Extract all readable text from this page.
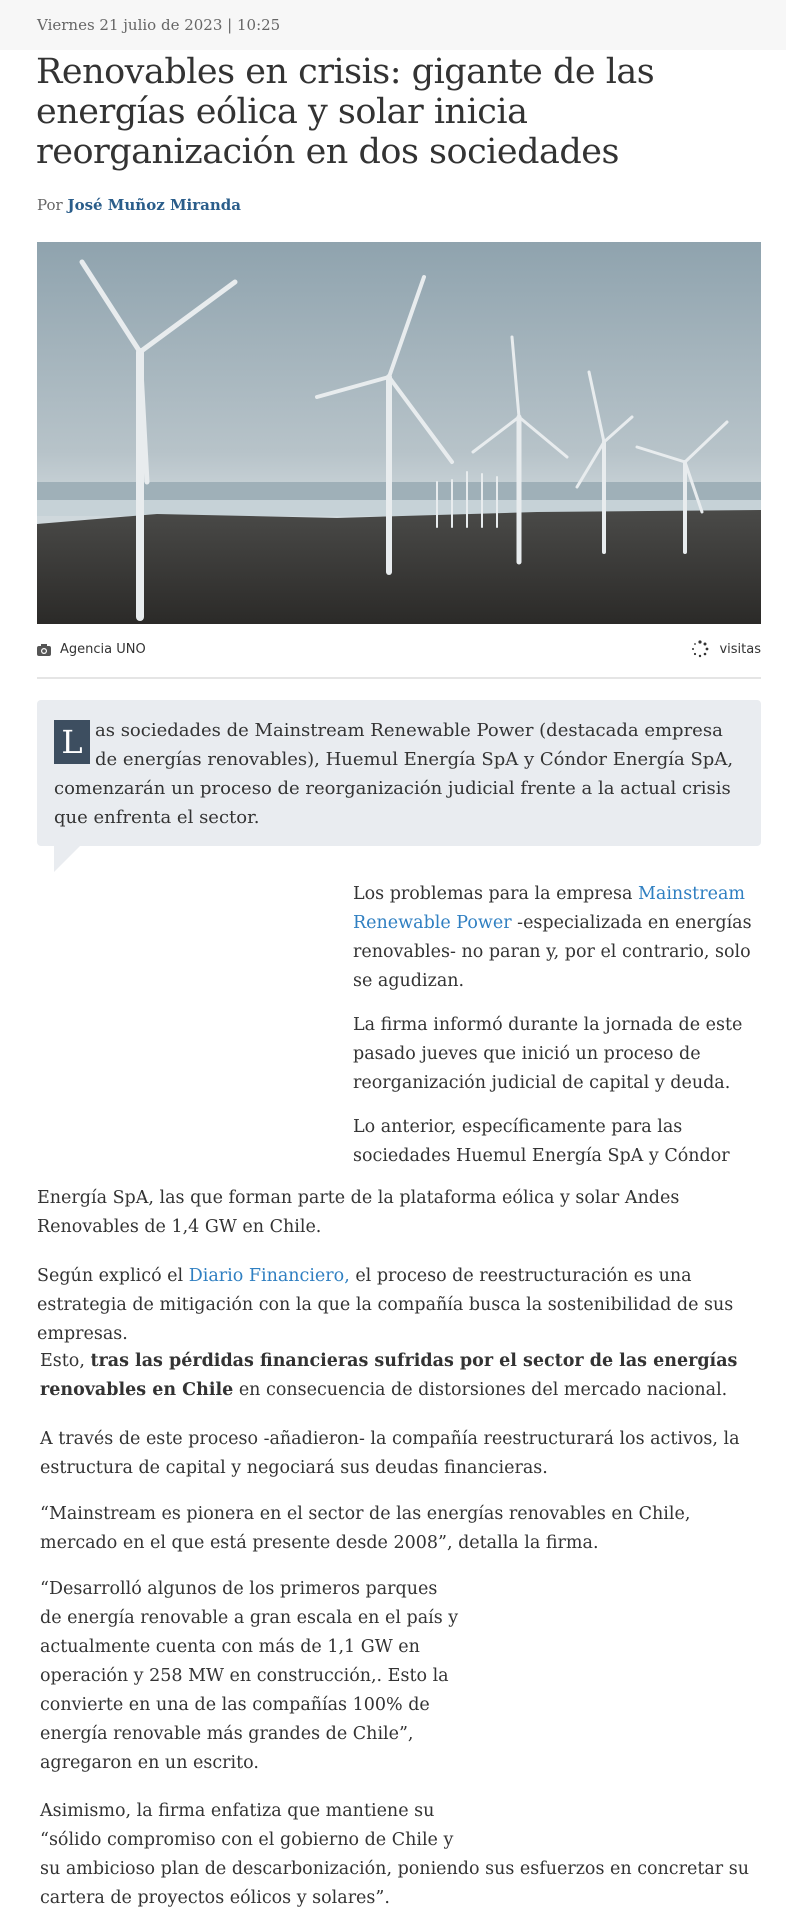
Viernes 21 julio de 2023 | 10:25
Renovables en crisis: gigante de las energías eólica y solar inicia reorganización en dos sociedades
Por José Muñoz Miranda
Agencia UNO	visitas
L as sociedades de Mainstream Renewable Power (destacada empresa de energías renovables), Huemul Energía SpA y Cóndor Energía SpA, comenzarán un proceso de reorganización judicial frente a la actual crisis que enfrenta el sector.

Los problemas para la empresa Mainstream Renewable Power -especializada en energías renovables- no paran y, por el contrario, solo se agudizan.

La firma informó durante la jornada de este pasado jueves que inició un proceso de reorganización judicial de capital y deuda.

Lo anterior, específicamente para las sociedades Huemul Energía SpA y Cóndor

Energía SpA, las que forman parte de la plataforma eólica y solar Andes Renovables de 1,4 GW en Chile.
Según explicó el Diario Financiero, el proceso de reestructuración es una estrategia de mitigación con la que la compañía busca la sostenibilidad de sus empresas.
Esto, tras las pérdidas financieras sufridas por el sector de las energías renovables en Chile en consecuencia de distorsiones del mercado nacional.
A través de este proceso -añadieron- la compañía reestructurará los activos, la estructura de capital y negociará sus deudas financieras.
“Mainstream es pionera en el sector de las energías renovables en Chile, mercado en el que está presente desde 2008”, detalla la firma.
“Desarrolló algunos de los primeros parques de energía renovable a gran escala en el país y actualmente cuenta con más de 1,1 GW en operación y 258 MW en construcción,. Esto la convierte en una de las compañías 100% de energía renovable más grandes de Chile”, agregaron en un escrito.
Asimismo, la firma enfatiza que mantiene su “sólido compromiso con el gobierno de Chile y
su ambicioso plan de descarbonización, poniendo sus esfuerzos en concretar su cartera de proyectos eólicos y solares”.
